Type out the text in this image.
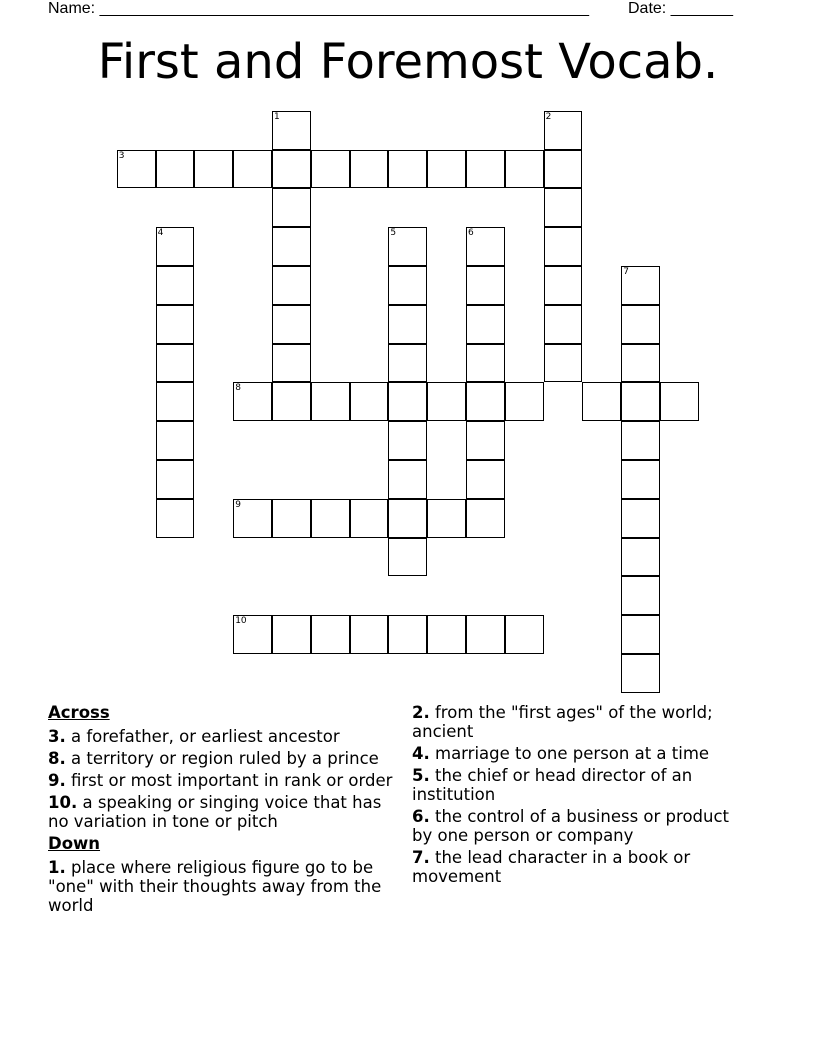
Name: _______________________________________________________ Date: _______
First and Foremost Vocab.
1	2
3
4	5	6
7
8
9
10
Across
3. a forefather, or earliest ancestor
8. a territory or region ruled by a prince
9. first or most important in rank or order
10. a speaking or singing voice that has no variation in tone or pitch
Down
1. place where religious figure go to be "one" with their thoughts away from the world
2. from the "first ages" of the world; ancient
4. marriage to one person at a time
5. the chief or head director of an institution
6. the control of a business or product by one person or company
7. the lead character in a book or movement
